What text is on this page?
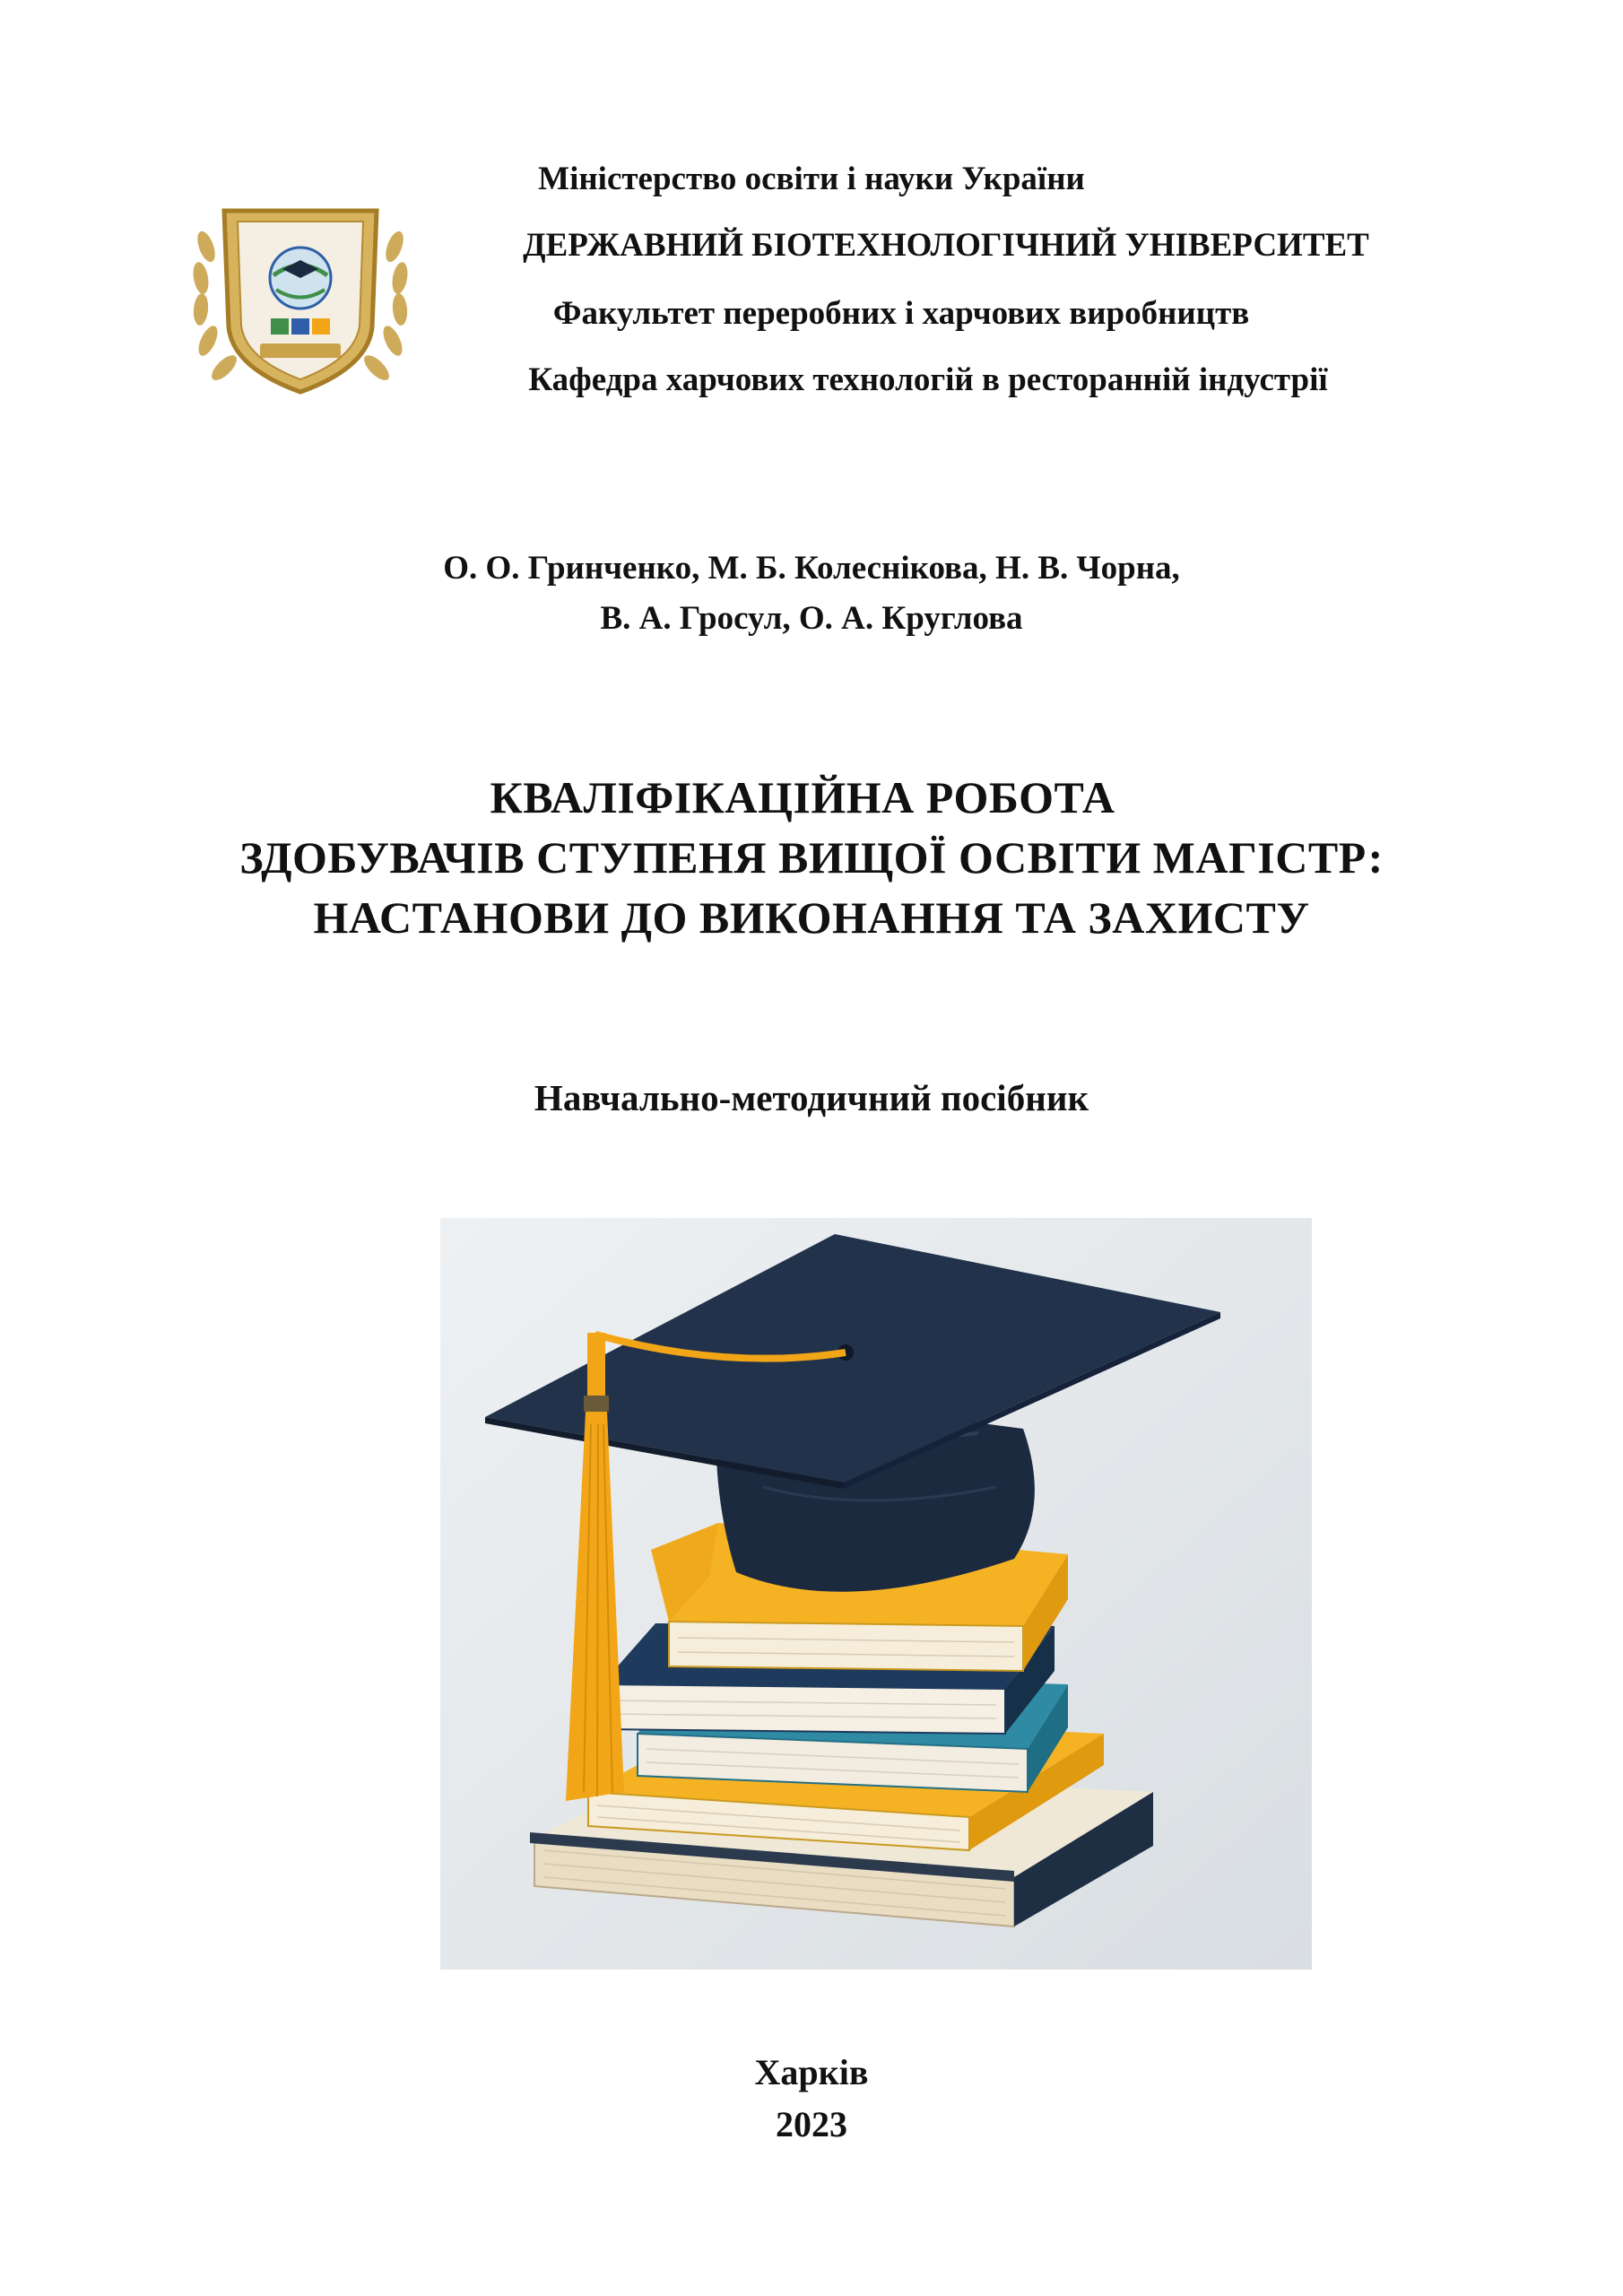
Міністерство освіти і науки України
ДЕРЖАВНИЙ БІОТЕХНОЛОГІЧНИЙ УНІВЕРСИТЕТ
Факультет переробних і харчових виробництв
Кафедра харчових технологій в ресторанній індустрії
О. О. Гринченко, М. Б. Колеснікова, Н. В. Чорна,
В. А. Гросул, О. А. Круглова
КВАЛІФІКАЦІЙНА РОБОТА
ЗДОБУВАЧІВ СТУПЕНЯ ВИЩОЇ ОСВІТИ МАГІСТР:
НАСТАНОВИ ДО ВИКОНАННЯ ТА ЗАХИСТУ
Навчально-методичний посібник
Харків
2023
